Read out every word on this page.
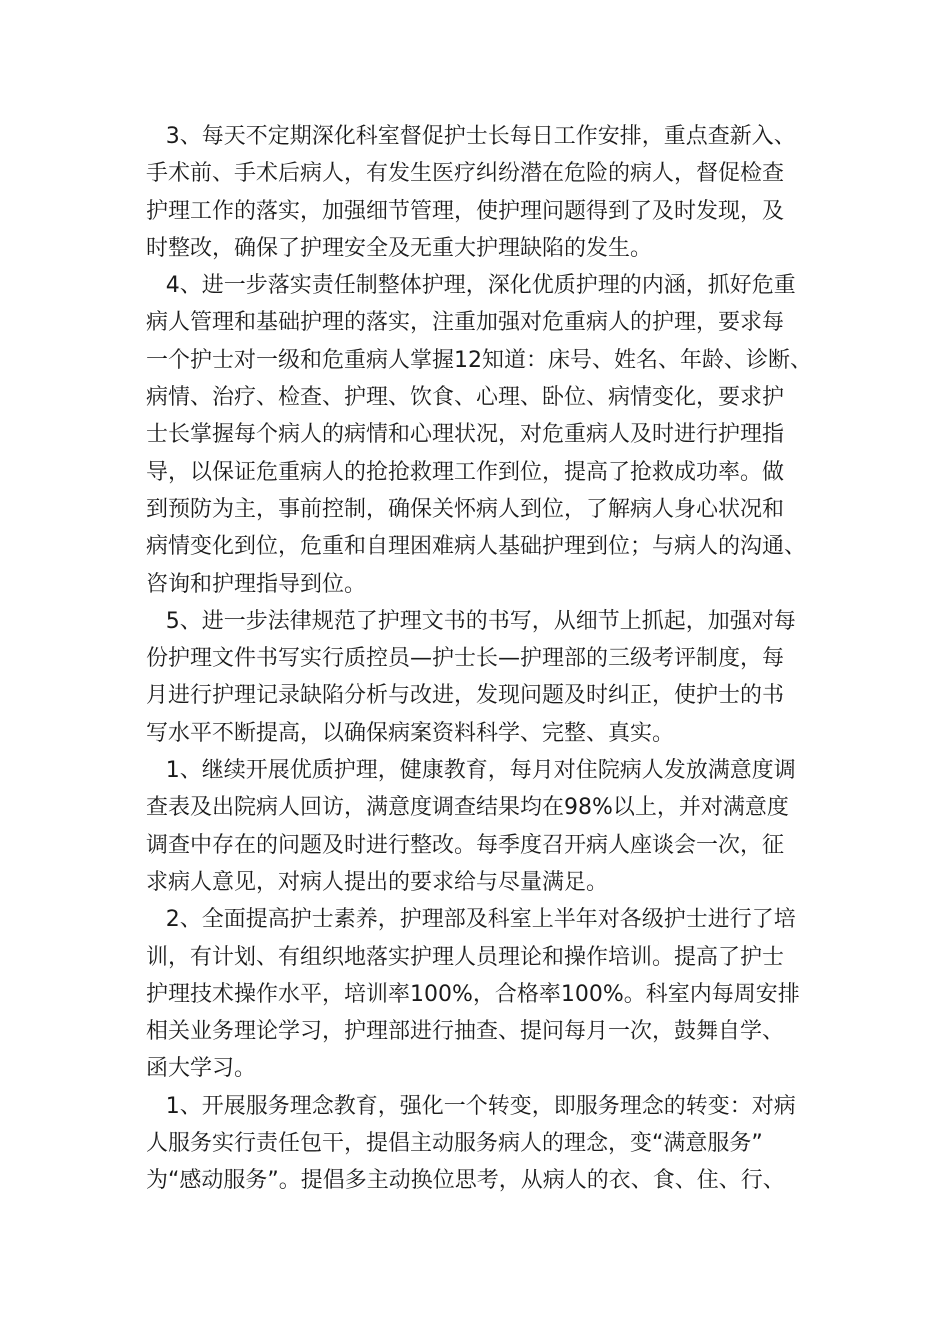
3、每天不定期深化科室督促护士长每日工作安排，重点查新入、
手术前、手术后病人，有发生医疗纠纷潜在危险的病人，督促检查
护理工作的落实，加强细节管理，使护理问题得到了及时发现，及
时整改，确保了护理安全及无重大护理缺陷的发生。

4、进一步落实责任制整体护理，深化优质护理的内涵，抓好危重
病人管理和基础护理的落实，注重加强对危重病人的护理，要求每
一个护士对一级和危重病人掌握12知道：床号、姓名、年龄、诊断、
病情、治疗、检查、护理、饮食、心理、卧位、病情变化，要求护
士长掌握每个病人的病情和心理状况，对危重病人及时进行护理指
导，以保证危重病人的抢抢救理工作到位，提高了抢救成功率。做
到预防为主，事前控制，确保关怀病人到位，了解病人身心状况和
病情变化到位，危重和自理困难病人基础护理到位；与病人的沟通、
咨询和护理指导到位。

5、进一步法律规范了护理文书的书写，从细节上抓起，加强对每
份护理文件书写实行质控员—护士长—护理部的三级考评制度，每
月进行护理记录缺陷分析与改进，发现问题及时纠正，使护士的书
写水平不断提高，以确保病案资料科学、完整、真实。

1、继续开展优质护理，健康教育，每月对住院病人发放满意度调
查表及出院病人回访，满意度调查结果均在98%以上，并对满意度
调查中存在的问题及时进行整改。每季度召开病人座谈会一次，征
求病人意见，对病人提出的要求给与尽量满足。

2、全面提高护士素养，护理部及科室上半年对各级护士进行了培
训，有计划、有组织地落实护理人员理论和操作培训。提高了护士
护理技术操作水平，培训率100%，合格率100%。科室内每周安排
相关业务理论学习，护理部进行抽查、提问每月一次，鼓舞自学、
函大学习。

1、开展服务理念教育，强化一个转变，即服务理念的转变：对病
人服务实行责任包干，提倡主动服务病人的理念，变“满意服务”
为“感动服务”。提倡多主动换位思考，从病人的衣、食、住、行、
